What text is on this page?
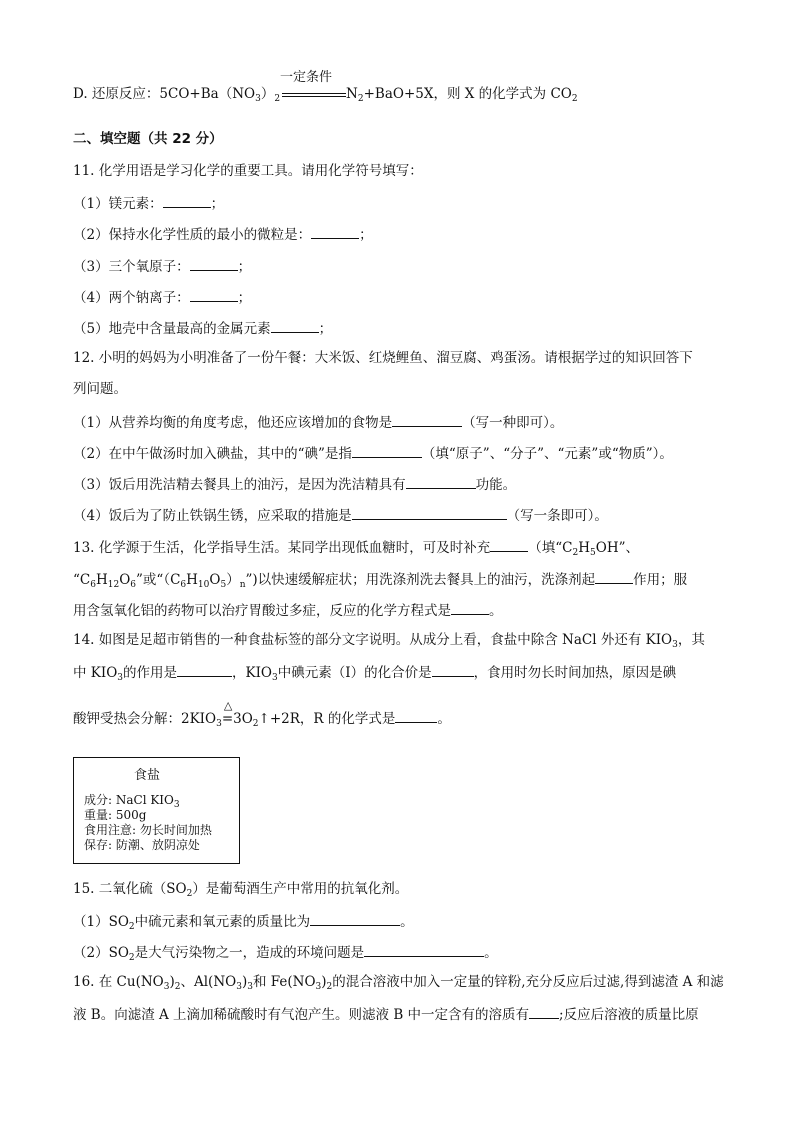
D. 还原反应：$5CO+Ba(NO_3)_2$
一定条件
$N_2+BaO+5X$，则 X 的化学式为 $CO_2$
二、填空题（共 22 分）
11. 化学用语是学习化学的重要工具。请用化学符号填写：
（1）镁元素：	；
（2）保持水化学性质的最小的微粒是：	；
（3）三个氧原子：	；
（4）两个钠离子：	；
（5）地壳中含量最高的金属元素	；
12. 小明的妈妈为小明准备了一份午餐：大米饭、红烧鲤鱼、溜豆腐、鸡蛋汤。请根据学过的知识回答下
列问题。
（1）从营养均衡的角度考虑，他还应该增加的食物是	（写一种即可）。
（2）在中午做汤时加入碘盐，其中的“碘”是指	（填“原子”、“分子”、“元素”或“物质”）。
（3）饭后用洗洁精去餐具上的油污，是因为洗洁精具有	功能。
（4）饭后为了防止铁锅生锈，应采取的措施是	（写一条即可）。
13. 化学源于生活，化学指导生活。某同学出现低血糖时，可及时补充	（填“$C_2H_5OH$”、
“$C_6H_{12}O_6$”或“$(C_6H_{10}O_5)_n$”)以快速缓解症状；用洗涤剂洗去餐具上的油污，洗涤剂起	作用；服
用含氢氧化铝的药物可以治疗胃酸过多症，反应的化学方程式是	。
14. 如图是足超市销售的一种食盐标签的部分文字说明。从成分上看，食盐中除含 NaCl 外还有 $KIO_3$，其
中 $KIO_3$的作用是	，$KIO_3$中碘元素（I）的化合价是	，食用时勿长时间加热，原因是碘
酸钾受热会分解：$2KIO_3$
△
$=3O_2↑+2R$，R 的化学式是	。
食盐
成分: NaCl $KIO_3$
重量: 500g
食用注意: 勿长时间加热
保存: 防潮、放阴凉处
15. 二氧化硫$(SO_2)$是葡萄酒生产中常用的抗氧化剂。
$(1)SO_2$中硫元素和氧元素的质量比为	。
$(2)SO_2$是大气污染物之一，造成的环境问题是	。
16. 在 $Cu(NO_3)_2$、$Al(NO_3)_3$和 $Fe(NO_3)_2$的混合溶液中加入一定量的锌粉,充分反应后过滤,得到滤渣 A 和滤
液 B。向滤渣 A 上滴加稀硫酸时有气泡产生。则滤液 B 中一定含有的溶质有 ;反应后溶液的质量比原
